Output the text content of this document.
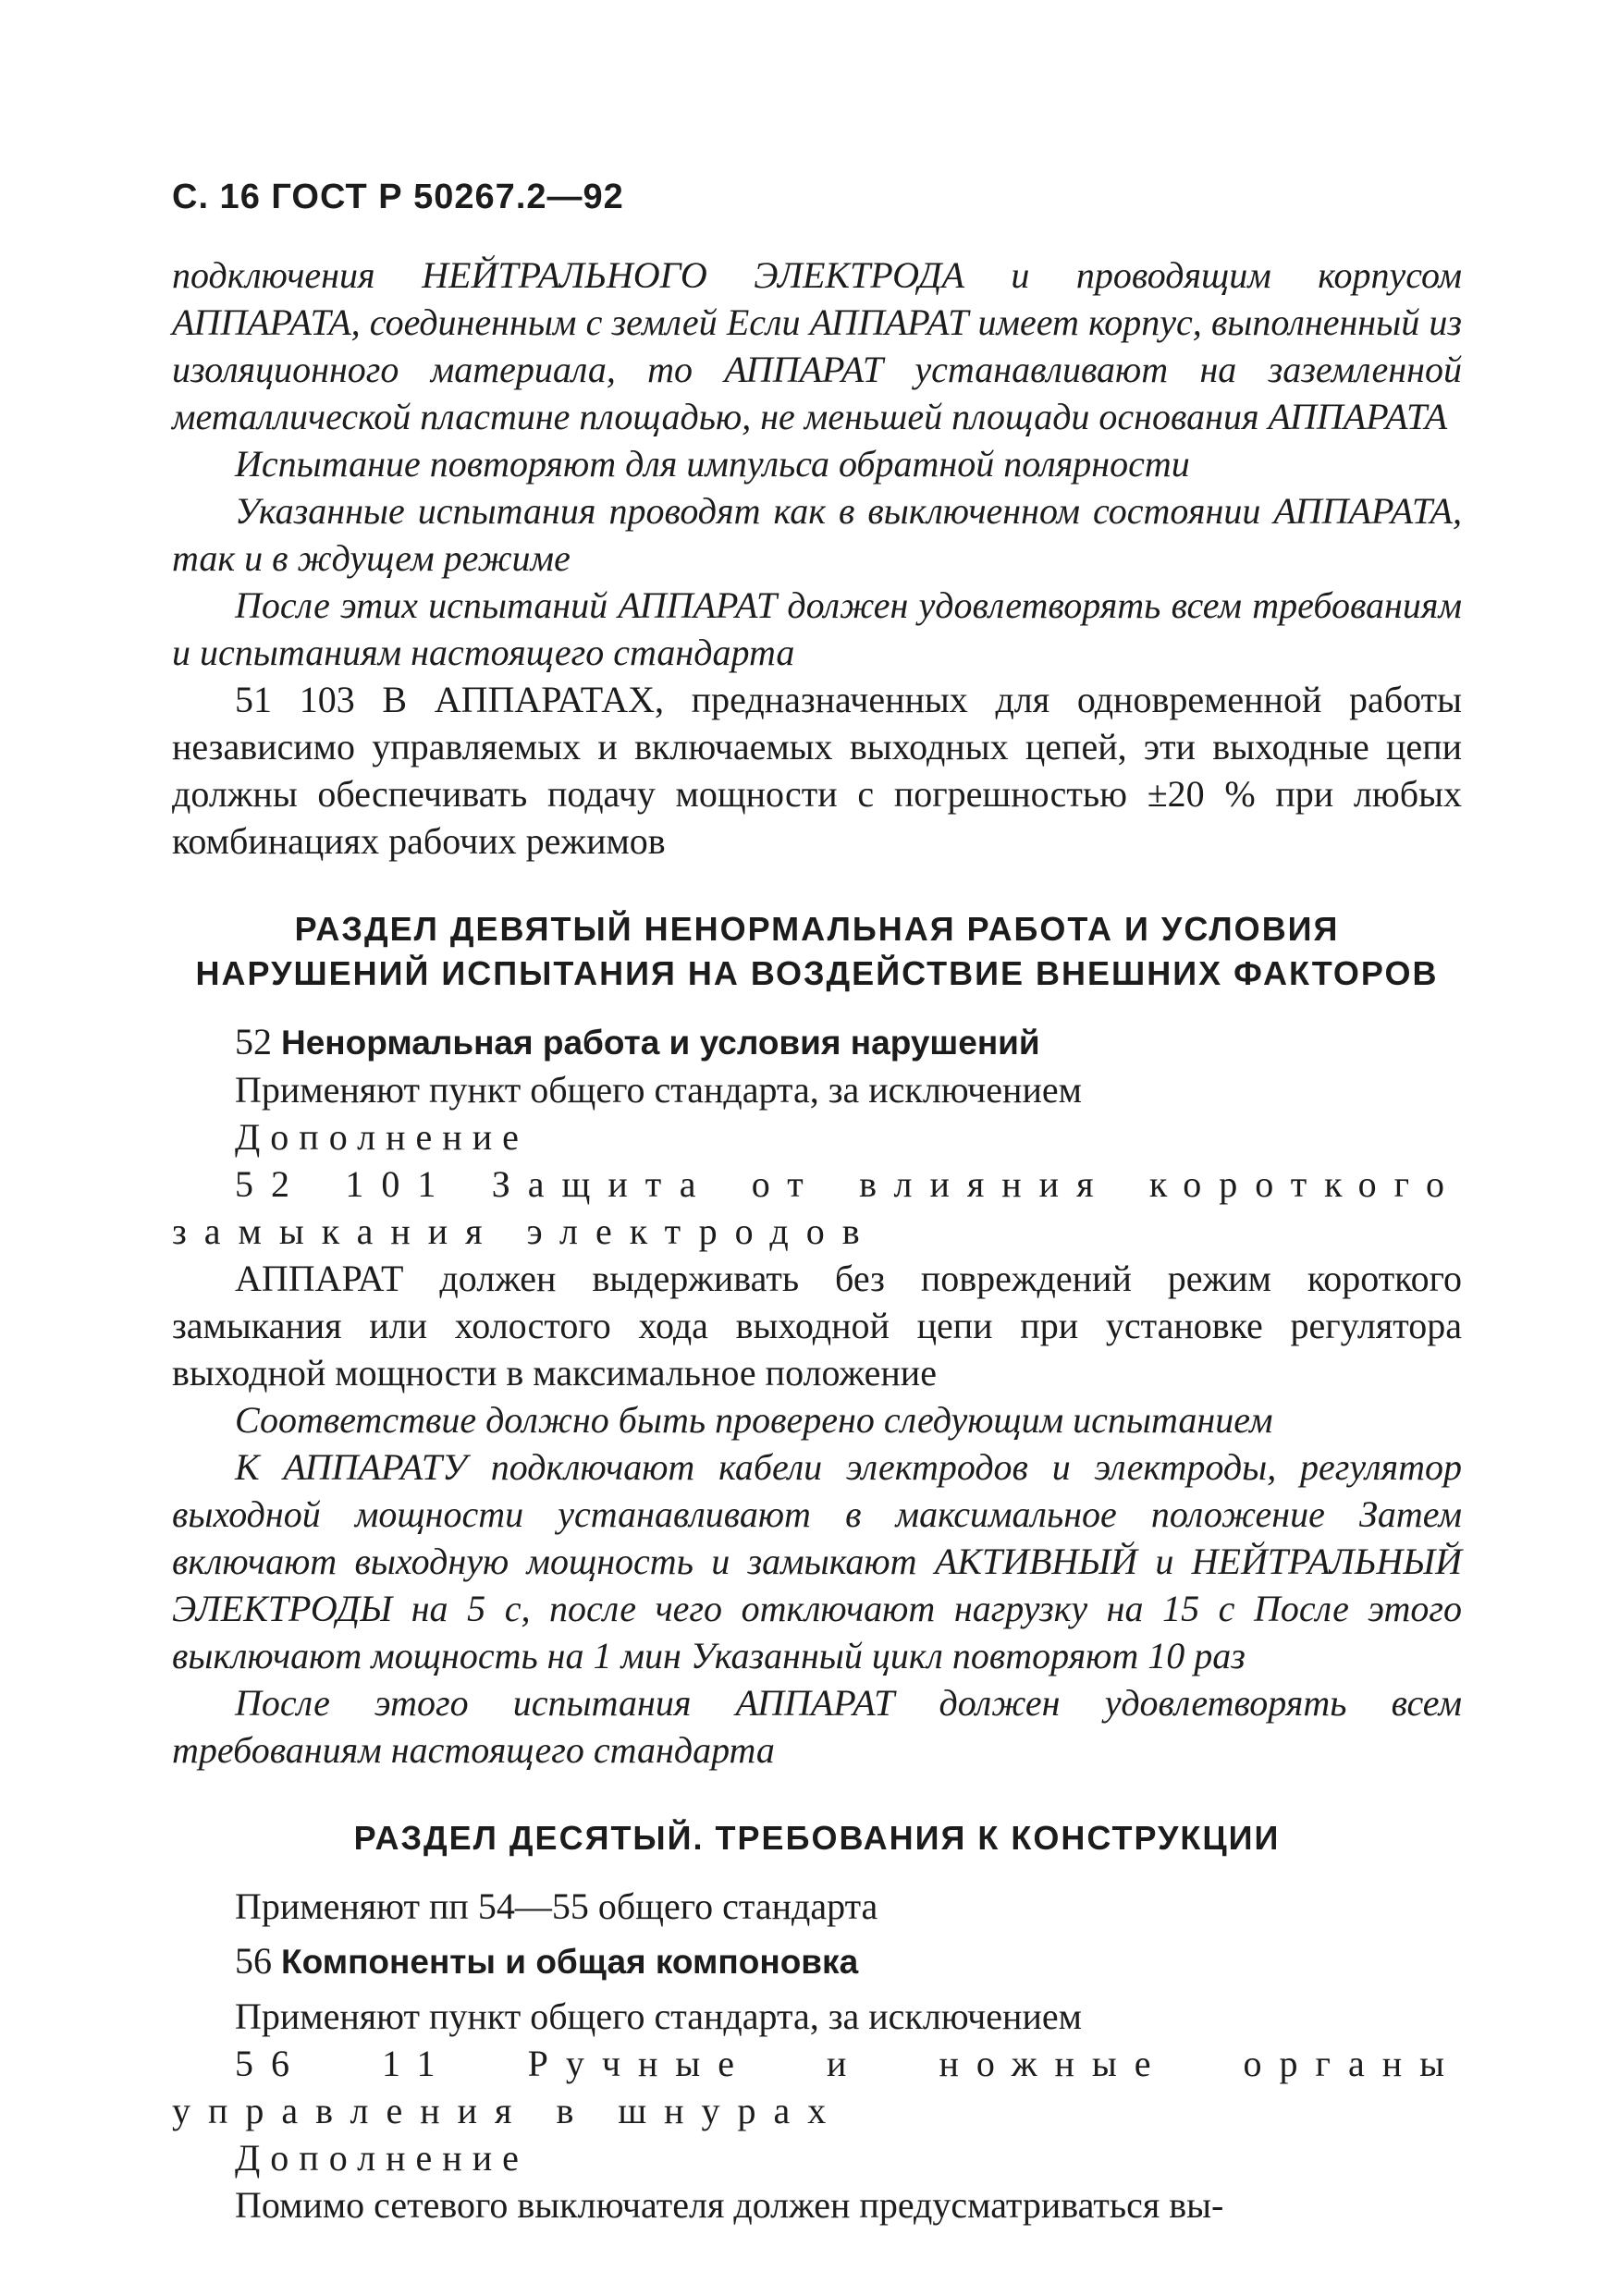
С. 16 ГОСТ Р 50267.2—92

подключения НЕЙТРАЛЬНОГО ЭЛЕКТРОДА и проводящим корпусом АППАРАТА, соединенным с землей Если АППАРАТ имеет корпус, выполненный из изоляционного материала, то АППАРАТ устанавливают на заземленной металлической пластине площадью, не меньшей площади основания АППАРАТА

Испытание повторяют для импульса обратной полярности

Указанные испытания проводят как в выключенном состоянии АППАРАТА, так и в ждущем режиме

После этих испытаний АППАРАТ должен удовлетворять всем требованиям и испытаниям настоящего стандарта

51 103 В АППАРАТАХ, предназначенных для одновременной работы независимо управляемых и включаемых выходных цепей, эти выходные цепи должны обеспечивать подачу мощности с погрешностью ±20 % при любых комбинациях рабочих режимов

РАЗДЕЛ ДЕВЯТЫЙ НЕНОРМАЛЬНАЯ РАБОТА И УСЛОВИЯ

НАРУШЕНИЙ ИСПЫТАНИЯ НА ВОЗДЕЙСТВИЕ ВНЕШНИХ ФАКТОРОВ

52 Ненормальная работа и условия нарушений

Применяют пункт общего стандарта, за исключением

Дополнение

52 101 Защита от влияния короткого замыкания электродов

АППАРАТ должен выдерживать без повреждений режим короткого замыкания или холостого хода выходной цепи при установке регулятора выходной мощности в максимальное положение

Соответствие должно быть проверено следующим испытанием

К АППАРАТУ подключают кабели электродов и электроды, регулятор выходной мощности устанавливают в максимальное положение Затем включают выходную мощность и замыкают АКТИВНЫЙ и НЕЙТРАЛЬНЫЙ ЭЛЕКТРОДЫ на 5 с, после чего отключают нагрузку на 15 с После этого выключают мощность на 1 мин Указанный цикл повторяют 10 раз

После этого испытания АППАРАТ должен удовлетворять всем требованиям настоящего стандарта

РАЗДЕЛ ДЕСЯТЫЙ. ТРЕБОВАНИЯ К КОНСТРУКЦИИ

Применяют пп 54—55 общего стандарта

56 Компоненты и общая компоновка

Применяют пункт общего стандарта, за исключением

56 11 Ручные и ножные органы управления в шнурах

Дополнение

Помимо сетевого выключателя должен предусматриваться вы-
